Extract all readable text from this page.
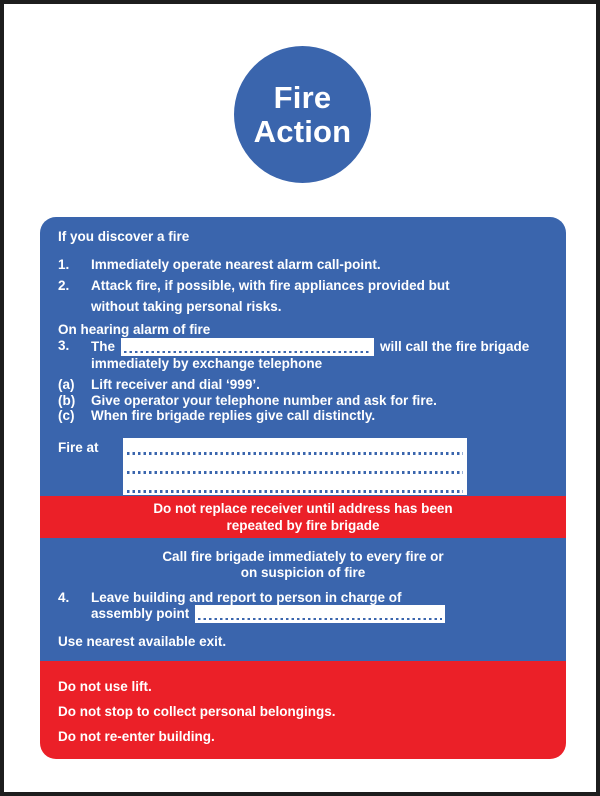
Fire
Action
If you discover a fire
1.	Immediately operate nearest alarm call-point.
2.	Attack fire, if possible, with fire appliances provided but
without taking personal risks.
On hearing alarm of fire
3.	The	will call the fire brigade
immediately by exchange telephone
(a)	Lift receiver and dial ‘999’.
(b)	Give operator your telephone number and ask for fire.
(c)	When fire brigade replies give call distinctly.
Fire at
Do not replace receiver until address has been
repeated by fire brigade
Call fire brigade immediately to every fire or
on suspicion of fire
4.	Leave building and report to person in charge of
assembly point
Use nearest available exit.
Do not use lift.
Do not stop to collect personal belongings.
Do not re-enter building.
